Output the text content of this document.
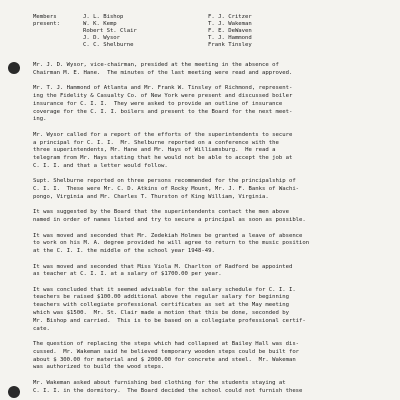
Members present:
J. L. Bishop
W. K. Kemp
Robert St. Clair
J. D. Wysor
C. C. Shelburne
F. J. Critzer
T. J. Wakeman
F. E. DeWaven
T. J. Hammond
Frank Tinsley

Mr. J. D. Wysor, vice-chairman, presided at the meeting in the absence of
Chairman M. E. Hane.  The minutes of the last meeting were read and approved.

Mr. T. J. Hammond of Atlanta and Mr. Frank W. Tinsley of Richmond, represent-
ing the Fidelity & Casualty Co. of New York were present and discussed boiler
insurance for C. I. I.  They were asked to provide an outline of insurance
coverage for the C. I. I. boilers and present to the Board for the next meet-
ing.

Mr. Wysor called for a report of the efforts of the superintendents to secure
a principal for C. I. I.  Mr. Shelburne reported on a conference with the
three superintendents, Mr. Hane and Mr. Hays of Williamsburg.  He read a
telegram from Mr. Hays stating that he would not be able to accept the job at
C. I. I. and that a letter would follow.

Supt. Shelburne reported on three persons recommended for the principalship of
C. I. I.  These were Mr. C. D. Atkins of Rocky Mount, Mr. J. F. Banks of Wachi-
pongo, Virginia and Mr. Charles T. Thurston of King William, Virginia.

It was suggested by the Board that the superintendents contact the men above
named in order of names listed and try to secure a principal as soon as possible.

It was moved and seconded that Mr. Zedekiah Holmes be granted a leave of absence
to work on his M. A. degree provided he will agree to return to the music position
at the C. I. I. the middle of the school year 1948-49.

It was moved and seconded that Miss Viola M. Charlton of Radford be appointed
as teacher at C. I. I. at a salary of $1700.00 per year.

It was concluded that it seemed advisable for the salary schedule for C. I. I.
teachers be raised $100.00 additional above the regular salary for beginning
teachers with collegiate professional certificates as set at the May meeting
which was $1500.  Mr. St. Clair made a motion that this be done, seconded by
Mr. Bishop and carried.  This is to be based on a collegiate professional certif-
cate.

The question of replacing the steps which had collapsed at Bailey Hall was dis-
cussed.  Mr. Wakeman said he believed temporary wooden steps could be built for
about $ 300.00 for material and $ 2000.00 for concrete and steel.  Mr. Wakeman
was authorized to build the wood steps.

Mr. Wakeman asked about furnishing bed clothing for the students staying at
C. I. I. in the dormitory.  The Board decided the school could not furnish these
